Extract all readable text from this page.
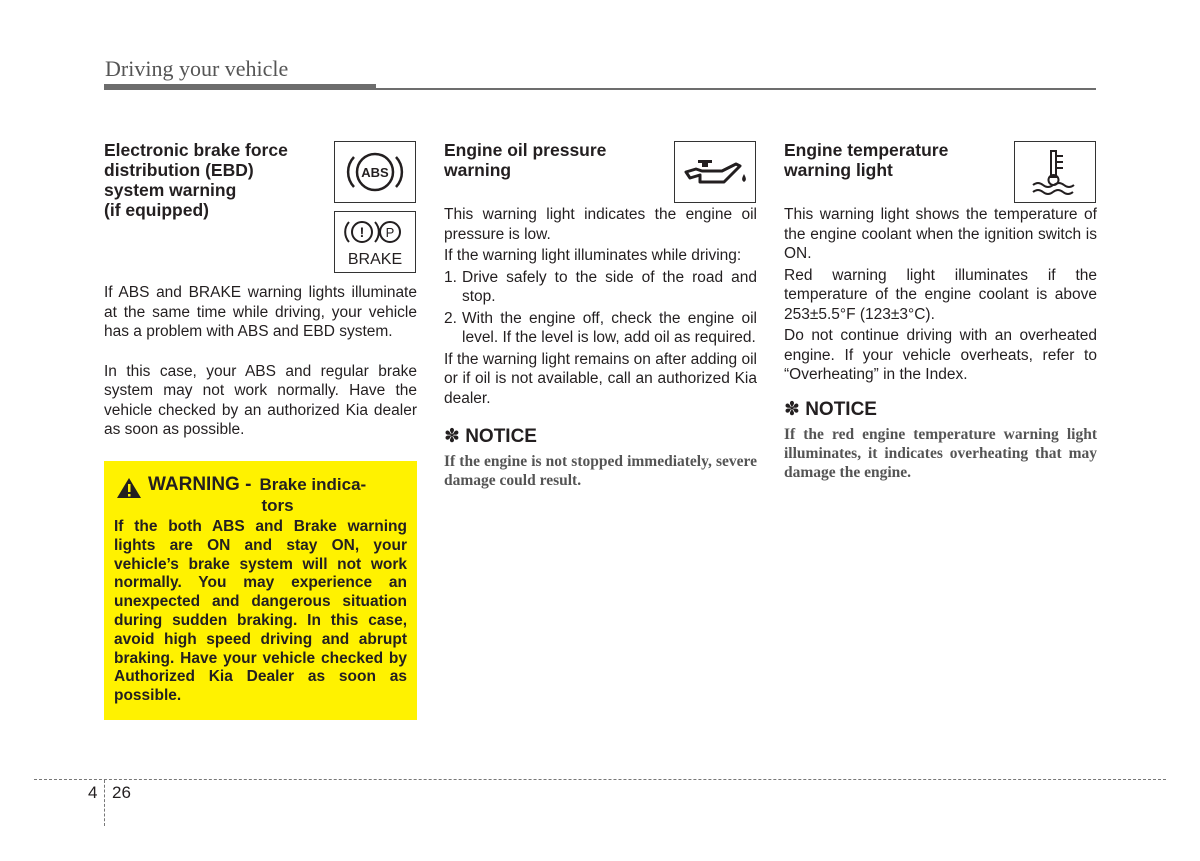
Driving your vehicle
Electronic brake force
distribution (EBD)
system warning
(if equipped)

If ABS and BRAKE warning lights illuminate at the same time while driving, your vehicle has a problem with ABS and EBD system.

In this case, your ABS and regular brake system may not work normally. Have the vehicle checked by an authorized Kia dealer as soon as possible.

ABS
! P
BRAKE
WARNING - Brake indica-
tors
If the both ABS and Brake warning lights are ON and stay ON, your vehicle’s brake system will not work normally. You may experience an unexpected and dangerous situation during sudden braking. In this case, avoid high speed driving and abrupt braking. Have your vehicle checked by Authorized Kia Dealer as soon as possible.
Engine oil pressure
warning

This warning light indicates the engine oil pressure is low.

If the warning light illuminates while driving:

1. Drive safely to the side of the road and stop.
2. With the engine off, check the engine oil level. If the level is low, add oil as required.

If the warning light remains on after adding oil or if oil is not available, call an authorized Kia dealer.

✽ NOTICE
If the engine is not stopped immediately, severe damage could result.
Engine temperature
warning light

This warning light shows the temperature of the engine coolant when the ignition switch is ON.

Red warning light illuminates if the temperature of the engine coolant is above 253±5.5°F (123±3°C).

Do not continue driving with an overheated engine. If your vehicle overheats, refer to “Overheating” in the Index.

✽ NOTICE
If the red engine temperature warning light illuminates, it indicates overheating that may damage the engine.
4 26
